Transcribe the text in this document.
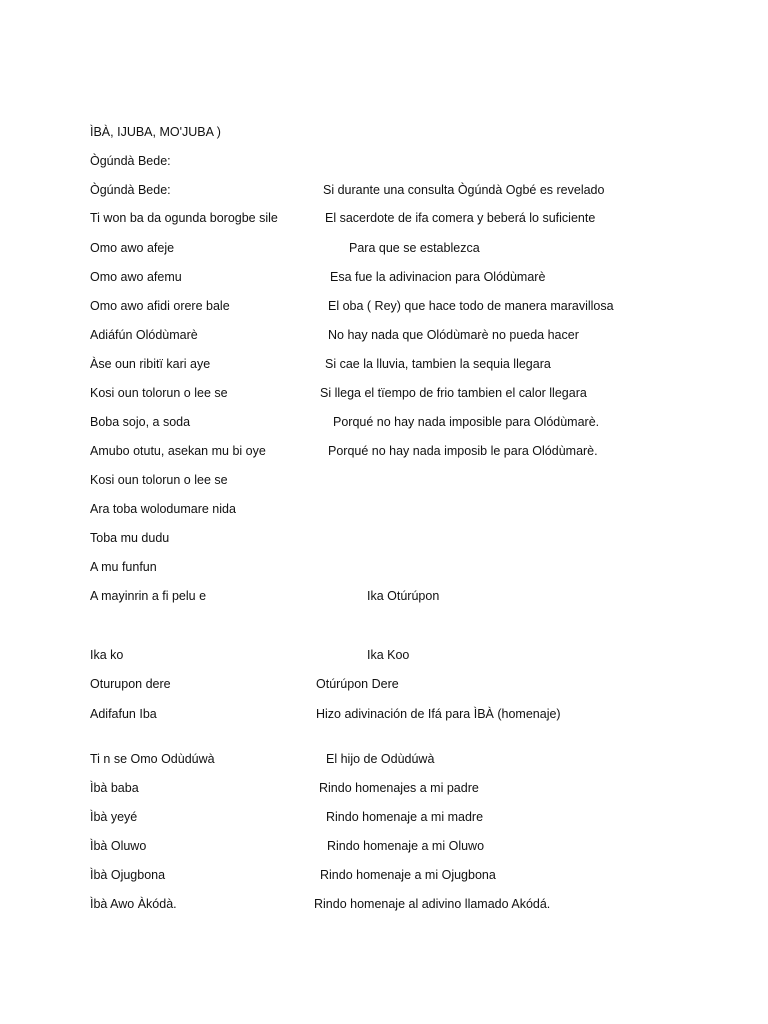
ÌBÀ, IJUBA, MO'JUBA )
Ògúndà Bede:
Ògúndà Bede:	Si durante una consulta Ògúndà Ogbé es revelado
Ti won ba da ogunda borogbe sile	El sacerdote de ifa comera y beberá lo suficiente
Omo awo afeje	Para que se establezca
Omo awo afemu	Esa fue la adivinacion para Olódùmarè
Omo awo afidi orere bale	El oba ( Rey) que hace todo de manera maravillosa
Adiáfún Olódùmarè	No hay nada que Olódùmarè no pueda hacer
Àse oun ribitï kari aye	Si cae la lluvia, tambien la sequia llegara
Kosi oun tolorun o lee se	Si llega el tïempo de frio tambien el calor llegara
Boba sojo, a soda	Porqué no hay nada imposible para Olódùmarè.
Amubo otutu, asekan mu bi oye	Porqué no hay nada imposib le para Olódùmarè.
Kosi oun tolorun o lee se
Ara toba wolodumare nida
Toba mu dudu
A mu funfun
A mayinrin a fi pelu e	Ika Otúrúpon
Ika ko	Ika Koo
Oturupon dere	Otúrúpon Dere
Adifafun Iba	Hizo adivinación de Ifá para ÌBÀ (homenaje)
Ti n se Omo Odùdúwà	El hijo de Odùdúwà
Ìbà baba	Rindo homenajes a mi padre
Ìbà yeyé	Rindo homenaje a mi madre
Ìbà Oluwo	Rindo homenaje a mi Oluwo
Ìbà Ojugbona	Rindo homenaje a mi Ojugbona
Ìbà Awo Àkódà.	Rindo homenaje al adivino llamado Akódá.
